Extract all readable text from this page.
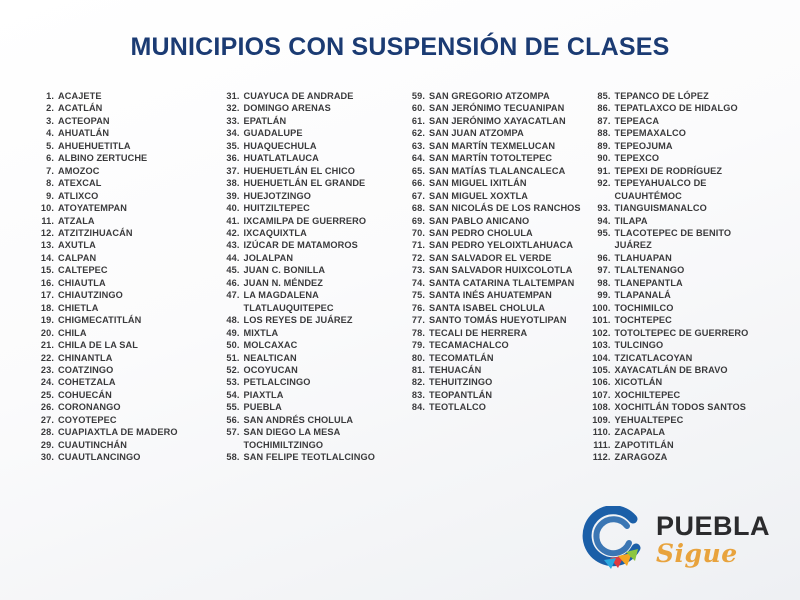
MUNICIPIOS CON SUSPENSIÓN DE CLASES
1. ACAJETE
2. ACATLÁN
3. ACTEOPAN
4. AHUATLÁN
5. AHUEHUETITLA
6. ALBINO ZERTUCHE
7. AMOZOC
8. ATEXCAL
9. ATLIXCO
10. ATOYATEMPAN
11. ATZALA
12. ATZITZIHUACÁN
13. AXUTLA
14. CALPAN
15. CALTEPEC
16. CHIAUTLA
17. CHIAUTZINGO
18. CHIETLA
19. CHIGMECATITLÁN
20. CHILA
21. CHILA DE LA SAL
22. CHINANTLA
23. COATZINGO
24. COHETZALA
25. COHUECÁN
26. CORONANGO
27. COYOTEPEC
28. CUAPIAXTLA DE MADERO
29. CUAUTINCHÁN
30. CUAUTLANCINGO
31. CUAYUCA DE ANDRADE
32. DOMINGO ARENAS
33. EPATLÁN
34. GUADALUPE
35. HUAQUECHULA
36. HUATLATLAUCA
37. HUEHUETLÁN EL CHICO
38. HUEHUETLÁN EL GRANDE
39. HUEJOTZINGO
40. HUITZILTEPEC
41. IXCAMILPA DE GUERRERO
42. IXCAQUIXTLA
43. IZÚCAR DE MATAMOROS
44. JOLALPAN
45. JUAN C. BONILLA
46. JUAN N. MÉNDEZ
47. LA MAGDALENA TLATLAUQUITEPEC
48. LOS REYES DE JUÁREZ
49. MIXTLA
50. MOLCAXAC
51. NEALTICAN
52. OCOYUCAN
53. PETLALCINGO
54. PIAXTLA
55. PUEBLA
56. SAN ANDRÉS CHOLULA
57. SAN DIEGO LA MESA TOCHIMILTZINGO
58. SAN FELIPE TEOTLALCINGO
59. SAN GREGORIO ATZOMPA
60. SAN JERÓNIMO TECUANIPAN
61. SAN JERÓNIMO XAYACATLAN
62. SAN JUAN ATZOMPA
63. SAN MARTÍN TEXMELUCAN
64. SAN MARTÍN TOTOLTEPEC
65. SAN MATÍAS TLALANCALECA
66. SAN MIGUEL IXITLÁN
67. SAN MIGUEL XOXTLA
68. SAN NICOLÁS DE LOS RANCHOS
69. SAN PABLO ANICANO
70. SAN PEDRO CHOLULA
71. SAN PEDRO YELOIXTLAHUACA
72. SAN SALVADOR EL VERDE
73. SAN SALVADOR HUIXCOLOTLA
74. SANTA CATARINA TLALTEMPAN
75. SANTA INÉS AHUATEMPAN
76. SANTA ISABEL CHOLULA
77. SANTO TOMÁS HUEYOTLIPAN
78. TECALI DE HERRERA
79. TECAMACHALCO
80. TECOMATLÁN
81. TEHUACÁN
82. TEHUITZINGO
83. TEOPANTLÁN
84. TEOTLALCO
85. TEPANCO DE LÓPEZ
86. TEPATLAXCO DE HIDALGO
87. TEPEACA
88. TEPEMAXALCO
89. TEPEOJUMA
90. TEPEXCO
91. TEPEXI DE RODRÍGUEZ
92. TEPEYAHUALCO DE CUAUHTÉMOC
93. TIANGUISMANALCO
94. TILAPA
95. TLACOTEPEC DE BENITO JUÁREZ
96. TLAHUAPAN
97. TLALTENANGO
98. TLANEPANTLA
99. TLAPANALÁ
100. TOCHIMILCO
101. TOCHTEPEC
102. TOTOLTEPEC DE GUERRERO
103. TULCINGO
104. TZICATLACOYAN
105. XAYACATLÁN DE BRAVO
106. XICOTLÁN
107. XOCHILTEPEC
108. XOCHITLÁN TODOS SANTOS
109. YEHUALTEPEC
110. ZACAPALA
111. ZAPOTITLÁN
112. ZARAGOZA
PUEBLA
Sigue
